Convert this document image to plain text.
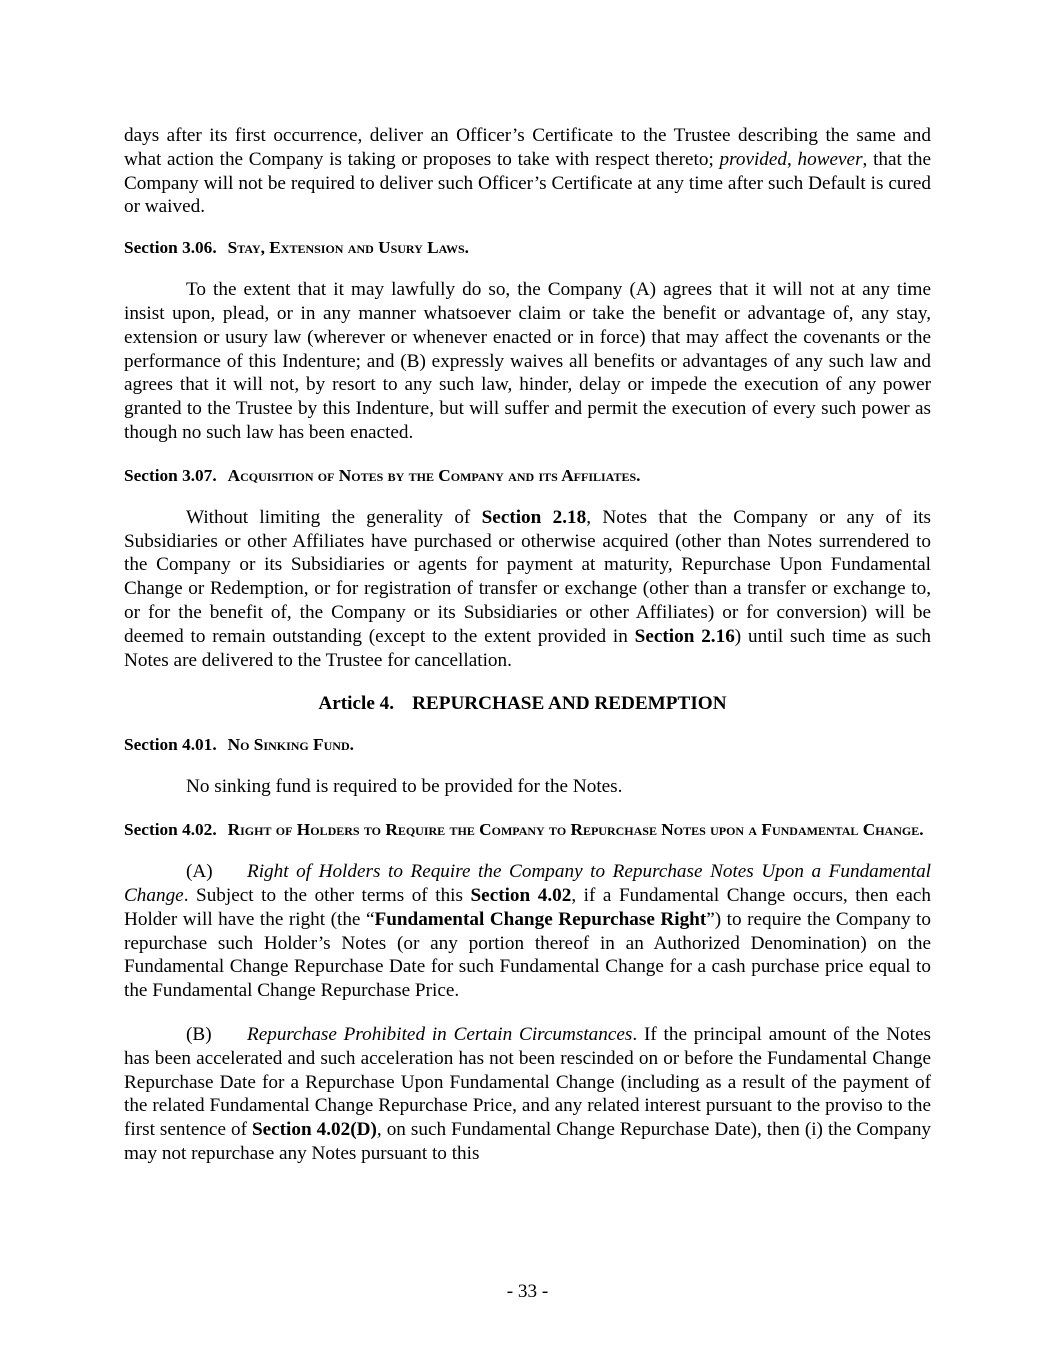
days after its first occurrence, deliver an Officer’s Certificate to the Trustee describing the same and what action the Company is taking or proposes to take with respect thereto; provided, however, that the Company will not be required to deliver such Officer’s Certificate at any time after such Default is cured or waived.

Section 3.06. Stay, Extension and Usury Laws.

To the extent that it may lawfully do so, the Company (A) agrees that it will not at any time insist upon, plead, or in any manner whatsoever claim or take the benefit or advantage of, any stay, extension or usury law (wherever or whenever enacted or in force) that may affect the covenants or the performance of this Indenture; and (B) expressly waives all benefits or advantages of any such law and agrees that it will not, by resort to any such law, hinder, delay or impede the execution of any power granted to the Trustee by this Indenture, but will suffer and permit the execution of every such power as though no such law has been enacted.

Section 3.07. Acquisition of Notes by the Company and its Affiliates.

Without limiting the generality of Section 2.18, Notes that the Company or any of its Subsidiaries or other Affiliates have purchased or otherwise acquired (other than Notes surrendered to the Company or its Subsidiaries or agents for payment at maturity, Repurchase Upon Fundamental Change or Redemption, or for registration of transfer or exchange (other than a transfer or exchange to, or for the benefit of, the Company or its Subsidiaries or other Affiliates) or for conversion) will be deemed to remain outstanding (except to the extent provided in Section 2.16) until such time as such Notes are delivered to the Trustee for cancellation.

Article 4. REPURCHASE AND REDEMPTION

Section 4.01. No Sinking Fund.

No sinking fund is required to be provided for the Notes.

Section 4.02. Right of Holders to Require the Company to Repurchase Notes upon a Fundamental Change.

(A) Right of Holders to Require the Company to Repurchase Notes Upon a Fundamental Change. Subject to the other terms of this Section 4.02, if a Fundamental Change occurs, then each Holder will have the right (the “Fundamental Change Repurchase Right”) to require the Company to repurchase such Holder’s Notes (or any portion thereof in an Authorized Denomination) on the Fundamental Change Repurchase Date for such Fundamental Change for a cash purchase price equal to the Fundamental Change Repurchase Price.

(B) Repurchase Prohibited in Certain Circumstances. If the principal amount of the Notes has been accelerated and such acceleration has not been rescinded on or before the Fundamental Change Repurchase Date for a Repurchase Upon Fundamental Change (including as a result of the payment of the related Fundamental Change Repurchase Price, and any related interest pursuant to the proviso to the first sentence of Section 4.02(D), on such Fundamental Change Repurchase Date), then (i) the Company may not repurchase any Notes pursuant to this

- 33 -
